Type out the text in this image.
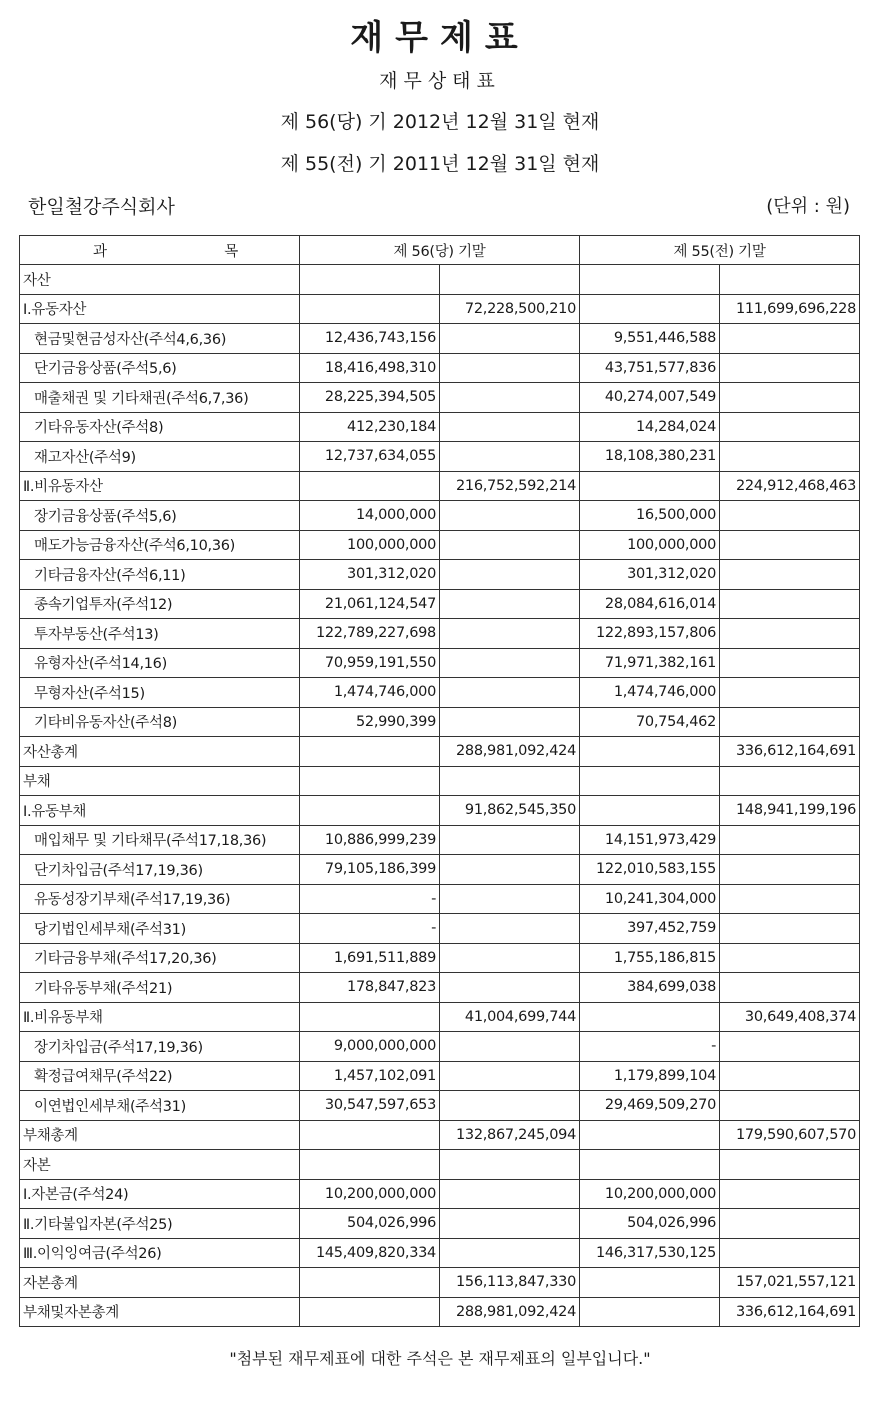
재무제표
재무상태표
제 56(당) 기 2012년 12월 31일 현재
제 55(전) 기 2011년 12월 31일 현재
한일철강주식회사	(단위 : 원)
과 목	제 56(당) 기말		제 55(전) 기말	
자산				
Ⅰ.유동자산		72,228,500,210		111,699,696,228
현금및현금성자산(주석4,6,36)	12,436,743,156		9,551,446,588	
단기금융상품(주석5,6)	18,416,498,310		43,751,577,836	
매출채권 및 기타채권(주석6,7,36)	28,225,394,505		40,274,007,549	
기타유동자산(주석8)	412,230,184		14,284,024	
재고자산(주석9)	12,737,634,055		18,108,380,231	
Ⅱ.비유동자산		216,752,592,214		224,912,468,463
장기금융상품(주석5,6)	14,000,000		16,500,000	
매도가능금융자산(주석6,10,36)	100,000,000		100,000,000	
기타금융자산(주석6,11)	301,312,020		301,312,020	
종속기업투자(주석12)	21,061,124,547		28,084,616,014	
투자부동산(주석13)	122,789,227,698		122,893,157,806	
유형자산(주석14,16)	70,959,191,550		71,971,382,161	
무형자산(주석15)	1,474,746,000		1,474,746,000	
기타비유동자산(주석8)	52,990,399		70,754,462	
자산총계		288,981,092,424		336,612,164,691
부채				
Ⅰ.유동부채		91,862,545,350		148,941,199,196
매입채무 및 기타채무(주석17,18,36)	10,886,999,239		14,151,973,429	
단기차입금(주석17,19,36)	79,105,186,399		122,010,583,155	
유동성장기부채(주석17,19,36)	-		10,241,304,000	
당기법인세부채(주석31)	-		397,452,759	
기타금융부채(주석17,20,36)	1,691,511,889		1,755,186,815	
기타유동부채(주석21)	178,847,823		384,699,038	
Ⅱ.비유동부채		41,004,699,744		30,649,408,374
장기차입금(주석17,19,36)	9,000,000,000		-	
확정급여채무(주석22)	1,457,102,091		1,179,899,104	
이연법인세부채(주석31)	30,547,597,653		29,469,509,270	
부채총계		132,867,245,094		179,590,607,570
자본				
Ⅰ.자본금(주석24)	10,200,000,000		10,200,000,000	
Ⅱ.기타불입자본(주석25)	504,026,996		504,026,996	
Ⅲ.이익잉여금(주석26)	145,409,820,334		146,317,530,125	
자본총계		156,113,847,330		157,021,557,121
부채및자본총계		288,981,092,424		336,612,164,691
"첨부된 재무제표에 대한 주석은 본 재무제표의 일부입니다."
